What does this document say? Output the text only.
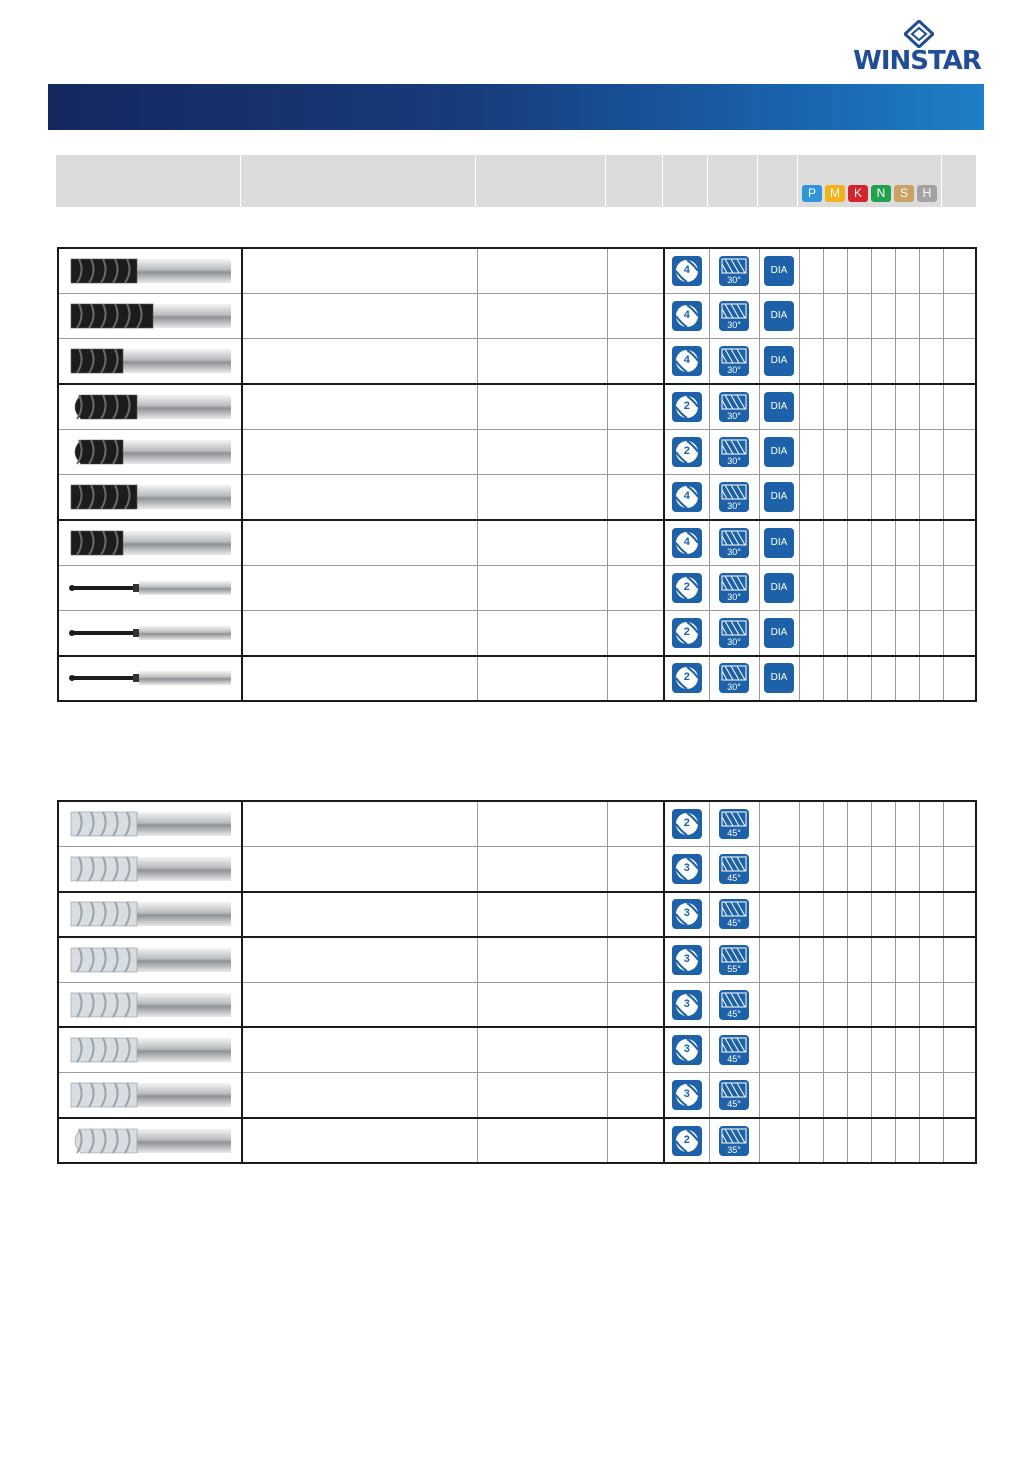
WINSTAR
P	M	K	N	S	H

4	30°	DIA							

4	30°	DIA							

4	30°	DIA							

2	30°	DIA							

2	30°	DIA							

4	30°	DIA							

4	30°	DIA							

2	30°	DIA							

2	30°	DIA							

2	30°	DIA							

2	45°								

3	45°								

3	45°								

3	55°								

3	45°								

3	45°								

3	45°								

2	35°								
